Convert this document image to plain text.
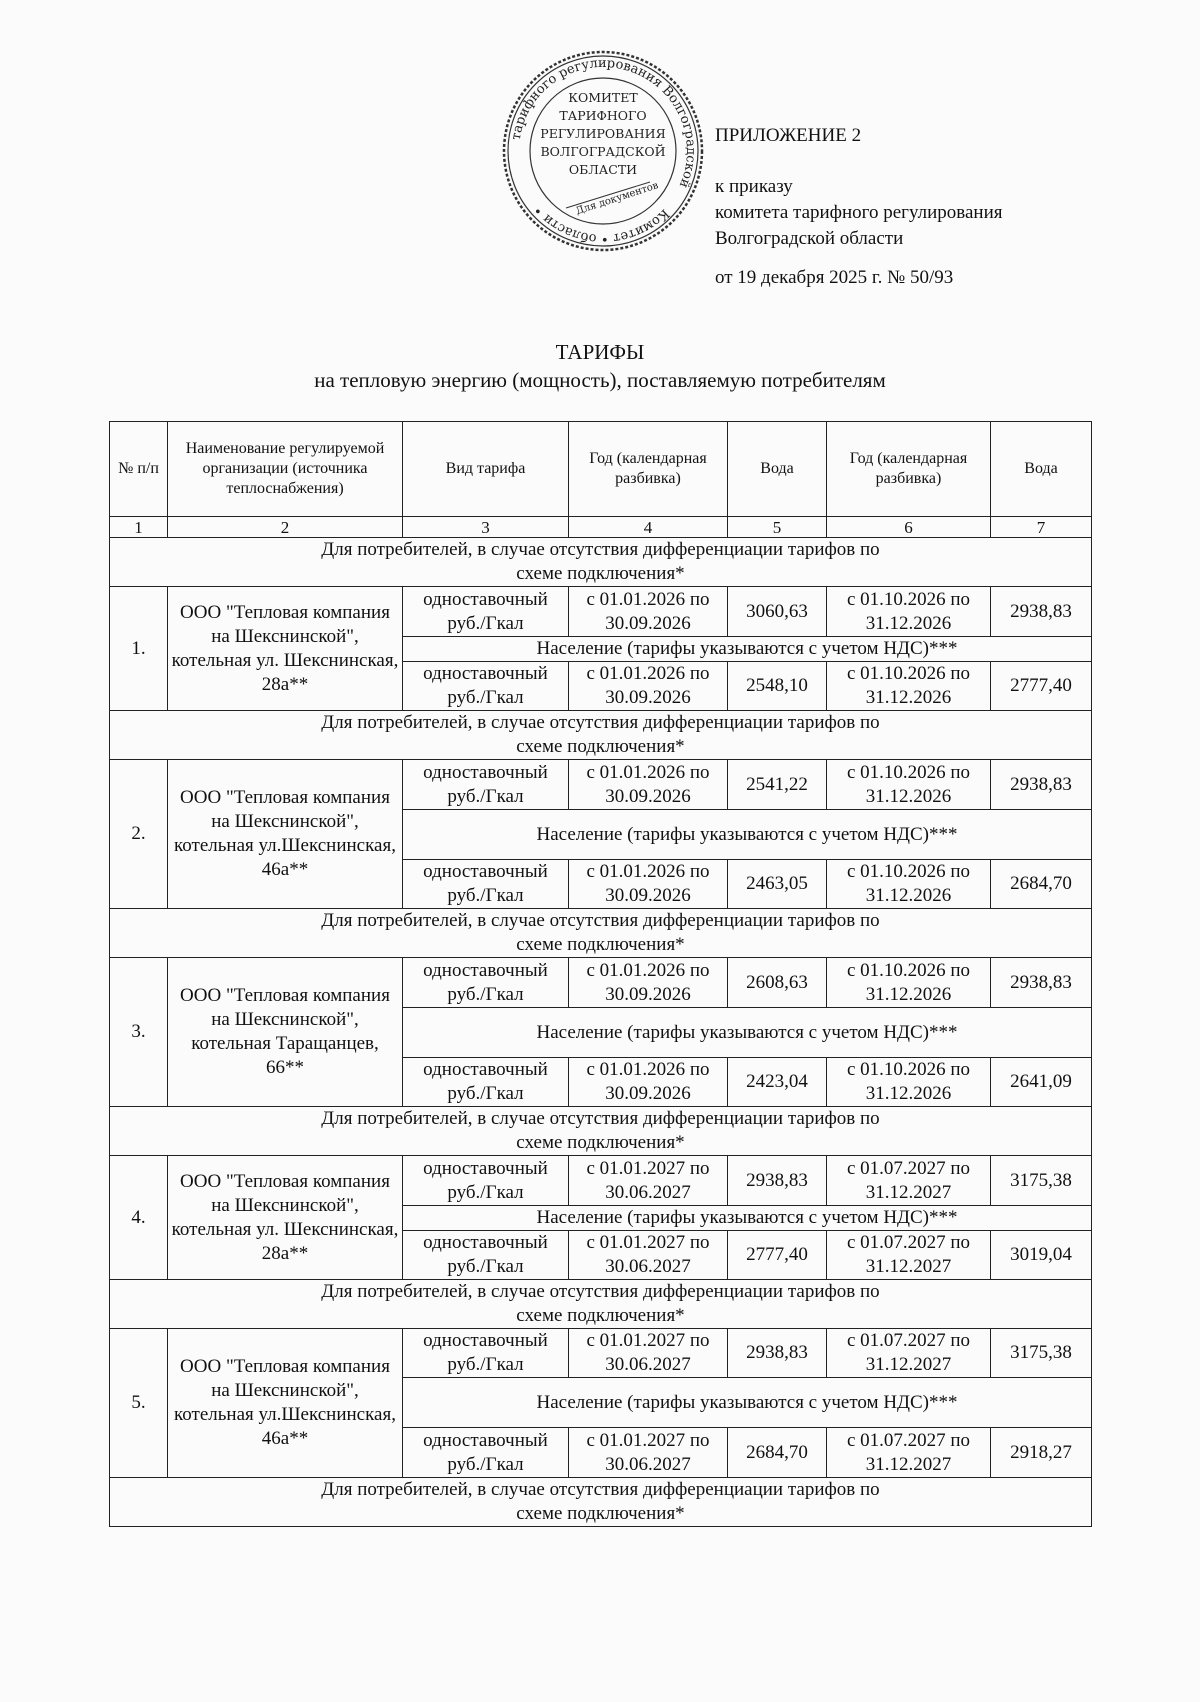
тарифного регулирования Волгоградской
Комитет • области •
КОМИТЕТ
ТАРИФНОГО
РЕГУЛИРОВАНИЯ
ВОЛГОГРАДСКОЙ
ОБЛАСТИ
Для документов
ПРИЛОЖЕНИЕ 2
к приказу
комитета тарифного регулирования
Волгоградской области
от 19 декабря 2025 г. № 50/93
ТАРИФЫ
на тепловую энергию (мощность), поставляемую потребителям
№ п/п	Наименование регулируемой организации (источника теплоснабжения)	Вид тарифа	Год (календарная разбивка)	Вода	Год (календарная разбивка)	Вода
1	2	3	4	5	6	7
Для потребителей, в случае отсутствия дифференциации тарифов по схеме подключения*						
1.	ООО "Тепловая компания на Шекснинской", котельная ул. Шекснинская, 28а**	одноставочный руб./Гкал	с 01.01.2026 по 30.09.2026	3060,63	с 01.10.2026 по 31.12.2026	2938,83
		Население (тарифы указываются с учетом НДС)***				
		одноставочный руб./Гкал	с 01.01.2026 по 30.09.2026	2548,10	с 01.10.2026 по 31.12.2026	2777,40
Для потребителей, в случае отсутствия дифференциации тарифов по схеме подключения*						
2.	ООО "Тепловая компания на Шекснинской", котельная ул.Шекснинская, 46а**	одноставочный руб./Гкал	с 01.01.2026 по 30.09.2026	2541,22	с 01.10.2026 по 31.12.2026	2938,83
		Население (тарифы указываются с учетом НДС)***				
		одноставочный руб./Гкал	с 01.01.2026 по 30.09.2026	2463,05	с 01.10.2026 по 31.12.2026	2684,70
Для потребителей, в случае отсутствия дифференциации тарифов по схеме подключения*						
3.	ООО "Тепловая компания на Шекснинской", котельная Таращанцев, 66**	одноставочный руб./Гкал	с 01.01.2026 по 30.09.2026	2608,63	с 01.10.2026 по 31.12.2026	2938,83
		Население (тарифы указываются с учетом НДС)***				
		одноставочный руб./Гкал	с 01.01.2026 по 30.09.2026	2423,04	с 01.10.2026 по 31.12.2026	2641,09
Для потребителей, в случае отсутствия дифференциации тарифов по схеме подключения*						
4.	ООО "Тепловая компания на Шекснинской", котельная ул. Шекснинская, 28а**	одноставочный руб./Гкал	с 01.01.2027 по 30.06.2027	2938,83	с 01.07.2027 по 31.12.2027	3175,38
		Население (тарифы указываются с учетом НДС)***				
		одноставочный руб./Гкал	с 01.01.2027 по 30.06.2027	2777,40	с 01.07.2027 по 31.12.2027	3019,04
Для потребителей, в случае отсутствия дифференциации тарифов по схеме подключения*						
5.	ООО "Тепловая компания на Шекснинской", котельная ул.Шекснинская, 46а**	одноставочный руб./Гкал	с 01.01.2027 по 30.06.2027	2938,83	с 01.07.2027 по 31.12.2027	3175,38
		Население (тарифы указываются с учетом НДС)***				
		одноставочный руб./Гкал	с 01.01.2027 по 30.06.2027	2684,70	с 01.07.2027 по 31.12.2027	2918,27
Для потребителей, в случае отсутствия дифференциации тарифов по схеме подключения*						
